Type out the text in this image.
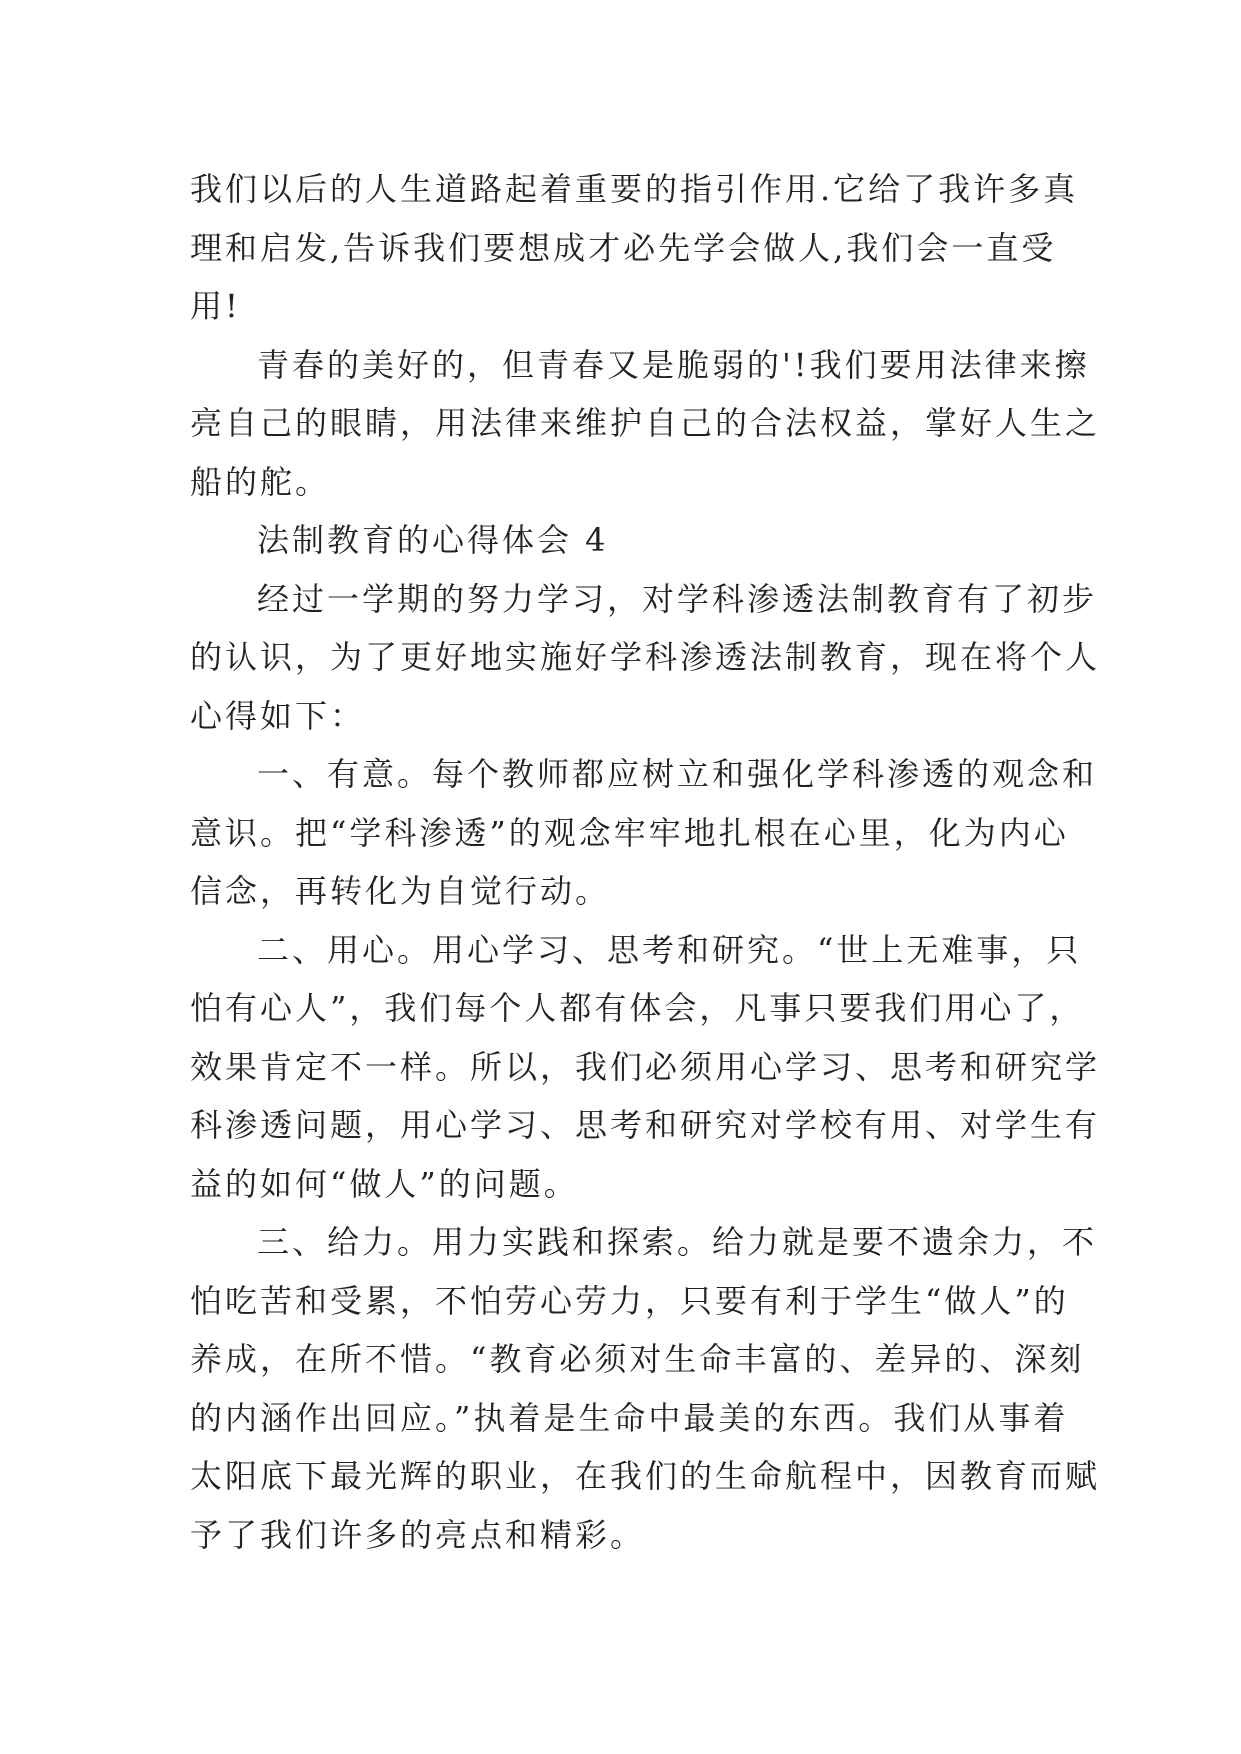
我们以后的人生道路起着重要的指引作用.它给了我许多真
理和启发,告诉我们要想成才必先学会做人,我们会一直受
用!
青春的美好的，但青春又是脆弱的'!我们要用法律来擦
亮自己的眼睛，用法律来维护自己的合法权益，掌好人生之
船的舵。
法制教育的心得体会 4
经过一学期的努力学习，对学科渗透法制教育有了初步
的认识，为了更好地实施好学科渗透法制教育，现在将个人
心得如下：
一、有意。每个教师都应树立和强化学科渗透的观念和
意识。把“学科渗透”的观念牢牢地扎根在心里，化为内心
信念，再转化为自觉行动。
二、用心。用心学习、思考和研究。“世上无难事，只
怕有心人”，我们每个人都有体会，凡事只要我们用心了，
效果肯定不一样。所以，我们必须用心学习、思考和研究学
科渗透问题，用心学习、思考和研究对学校有用、对学生有
益的如何“做人”的问题。
三、给力。用力实践和探索。给力就是要不遗余力，不
怕吃苦和受累，不怕劳心劳力，只要有利于学生“做人”的
养成，在所不惜。“教育必须对生命丰富的、差异的、深刻
的内涵作出回应。”执着是生命中最美的东西。我们从事着
太阳底下最光辉的职业，在我们的生命航程中，因教育而赋
予了我们许多的亮点和精彩。
